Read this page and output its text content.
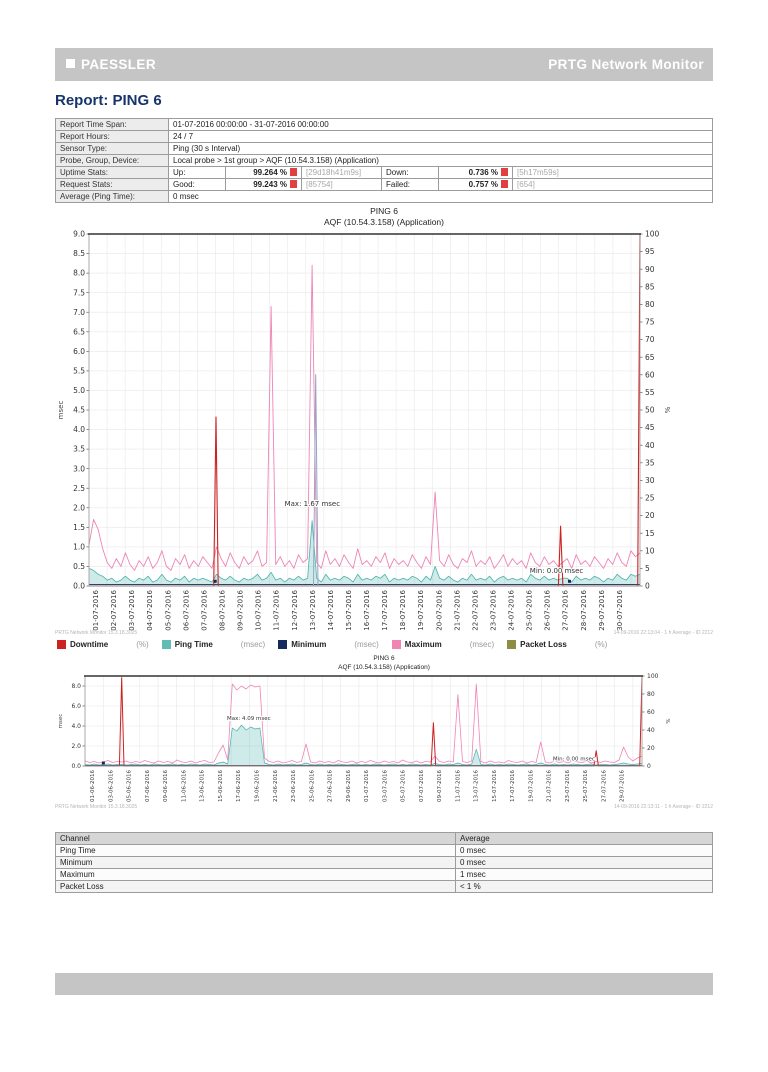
PAESSLER	PRTG Network Monitor
Report: PING 6
Report Time Span:	01-07-2016 00:00:00 - 31-07-2016 00:00:00					
Report Hours:	24 / 7					
Sensor Type:	Ping (30 s Interval)					
Probe, Group, Device:	Local probe > 1st group > AQF (10.54.3.158) (Application)					
Uptime Stats:	Up:	99.264 %	[29d18h41m9s]	Down:	0.736 %	[5h17m59s]
Request Stats:	Good:	99.243 %	[85754]	Failed:	0.757 %	[654]
Average (Ping Time):	0 msec					
PING 6
AQF (10.54.3.158) (Application)
0.0
0.5
1.0
1.5
2.0
2.5
3.0
3.5
4.0
4.5
5.0
5.5
6.0
6.5
7.0
7.5
8.0
8.5
9.0
0
5
10
15
20
25
30
35
40
45
50
55
60
65
70
75
80
85
90
95
100
01-07-2016 02-07-2016 03-07-2016 04-07-2016 05-07-2016 06-07-2016 07-07-2016 08-07-2016 09-07-2016 10-07-2016 11-07-2016 12-07-2016 13-07-2016 14-07-2016 15-07-2016 16-07-2016 17-07-2016 18-07-2016 19-07-2016 20-07-2016 21-07-2016 22-07-2016 23-07-2016 24-07-2016 25-07-2016 26-07-2016 27-07-2016 28-07-2016 29-07-2016 30-07-2016
Max: 1.67 msec
Min: 0.00 msec
msec	%
PRTG Network Monitor 15.3.18.3025	14-09-2016 22:13:04 - 1 h Average - ID 2212
Downtime	(%)	Ping Time	(msec)	Minimum	(msec)	Maximum	(msec)	Packet Loss	(%)
PING 6
AQF (10.54.3.158) (Application)
0.0
2.0
4.0
6.0
8.0
0
20
40
60
80
100
01-06-2016 03-06-2016 05-06-2016 07-06-2016 09-06-2016 11-06-2016 13-06-2016 15-06-2016 17-06-2016 19-06-2016 21-06-2016 23-06-2016 25-06-2016 27-06-2016 29-06-2016 01-07-2016 03-07-2016 05-07-2016 07-07-2016 09-07-2016 11-07-2016 13-07-2016 15-07-2016 17-07-2016 19-07-2016 21-07-2016 23-07-2016 25-07-2016 27-07-2016 29-07-2016
Max: 4.09 msec
Min: 0.00 msec
msec	%
PRTG Network Monitor 15.3.18.3025	14-09-2016 22:13:11 - 1 h Average - ID 2212
Channel	Average
Ping Time	0 msec
Minimum	0 msec
Maximum	1 msec
Packet Loss	< 1 %
